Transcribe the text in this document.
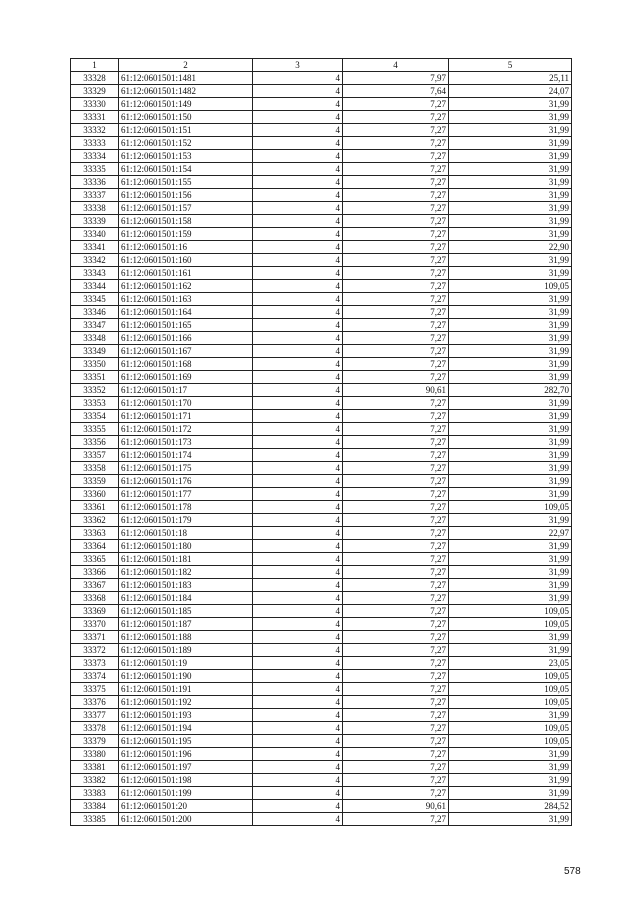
1	2	3	4	5
33328	61:12:0601501:1481	4	7,97	25,11
33329	61:12:0601501:1482	4	7,64	24,07
33330	61:12:0601501:149	4	7,27	31,99
33331	61:12:0601501:150	4	7,27	31,99
33332	61:12:0601501:151	4	7,27	31,99
33333	61:12:0601501:152	4	7,27	31,99
33334	61:12:0601501:153	4	7,27	31,99
33335	61:12:0601501:154	4	7,27	31,99
33336	61:12:0601501:155	4	7,27	31,99
33337	61:12:0601501:156	4	7,27	31,99
33338	61:12:0601501:157	4	7,27	31,99
33339	61:12:0601501:158	4	7,27	31,99
33340	61:12:0601501:159	4	7,27	31,99
33341	61:12:0601501:16	4	7,27	22,90
33342	61:12:0601501:160	4	7,27	31,99
33343	61:12:0601501:161	4	7,27	31,99
33344	61:12:0601501:162	4	7,27	109,05
33345	61:12:0601501:163	4	7,27	31,99
33346	61:12:0601501:164	4	7,27	31,99
33347	61:12:0601501:165	4	7,27	31,99
33348	61:12:0601501:166	4	7,27	31,99
33349	61:12:0601501:167	4	7,27	31,99
33350	61:12:0601501:168	4	7,27	31,99
33351	61:12:0601501:169	4	7,27	31,99
33352	61:12:0601501:17	4	90,61	282,70
33353	61:12:0601501:170	4	7,27	31,99
33354	61:12:0601501:171	4	7,27	31,99
33355	61:12:0601501:172	4	7,27	31,99
33356	61:12:0601501:173	4	7,27	31,99
33357	61:12:0601501:174	4	7,27	31,99
33358	61:12:0601501:175	4	7,27	31,99
33359	61:12:0601501:176	4	7,27	31,99
33360	61:12:0601501:177	4	7,27	31,99
33361	61:12:0601501:178	4	7,27	109,05
33362	61:12:0601501:179	4	7,27	31,99
33363	61:12:0601501:18	4	7,27	22,97
33364	61:12:0601501:180	4	7,27	31,99
33365	61:12:0601501:181	4	7,27	31,99
33366	61:12:0601501:182	4	7,27	31,99
33367	61:12:0601501:183	4	7,27	31,99
33368	61:12:0601501:184	4	7,27	31,99
33369	61:12:0601501:185	4	7,27	109,05
33370	61:12:0601501:187	4	7,27	109,05
33371	61:12:0601501:188	4	7,27	31,99
33372	61:12:0601501:189	4	7,27	31,99
33373	61:12:0601501:19	4	7,27	23,05
33374	61:12:0601501:190	4	7,27	109,05
33375	61:12:0601501:191	4	7,27	109,05
33376	61:12:0601501:192	4	7,27	109,05
33377	61:12:0601501:193	4	7,27	31,99
33378	61:12:0601501:194	4	7,27	109,05
33379	61:12:0601501:195	4	7,27	109,05
33380	61:12:0601501:196	4	7,27	31,99
33381	61:12:0601501:197	4	7,27	31,99
33382	61:12:0601501:198	4	7,27	31,99
33383	61:12:0601501:199	4	7,27	31,99
33384	61:12:0601501:20	4	90,61	284,52
33385	61:12:0601501:200	4	7,27	31,99
578
